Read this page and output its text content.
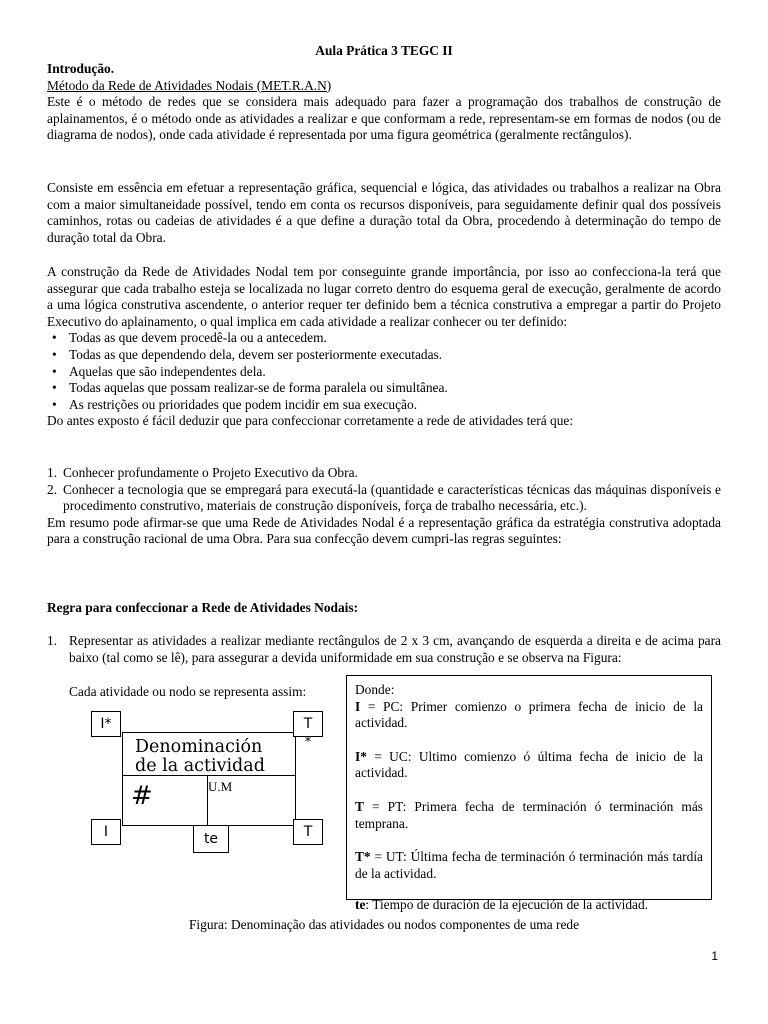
Aula Prática 3 TEGC II
Introdução.
Método da Rede de Atividades Nodais (MET.R.A.N)
Este é o método de redes que se considera mais adequado para fazer a programação dos trabalhos de construção de aplainamentos, é o método onde as atividades a realizar e que conformam a rede, representam-se em formas de nodos (ou de diagrama de nodos), onde cada atividade é representada por uma figura geométrica (geralmente rectângulos).
Consiste em essência em efetuar a representação gráfica, sequencial e lógica, das atividades ou trabalhos a realizar na Obra com a maior simultaneidade possível, tendo em conta os recursos disponíveis, para seguidamente definir qual dos possíveis caminhos, rotas ou cadeias de atividades é a que define a duração total da Obra, procedendo à determinação do tempo de duração total da Obra.
A construção da Rede de Atividades Nodal tem por conseguinte grande importância, por isso ao confecciona-la terá que assegurar que cada trabalho esteja se localizada no lugar correto dentro do esquema geral de execução, geralmente de acordo a uma lógica construtiva ascendente, o anterior requer ter definido bem a técnica construtiva a empregar a partir do Projeto Executivo do aplainamento, o qual implica em cada atividade a realizar conhecer ou ter definido:
• Todas as que devem procedê-la ou a antecedem.
• Todas as que dependendo dela, devem ser posteriormente executadas.
• Aquelas que são independentes dela.
• Todas aquelas que possam realizar-se de forma paralela ou simultânea.
• As restrições ou prioridades que podem incidir em sua execução.
Do antes exposto é fácil deduzir que para confeccionar corretamente a rede de atividades terá que:
1. Conhecer profundamente o Projeto Executivo da Obra.
2. Conhecer a tecnologia que se empregará para executá-la (quantidade e características técnicas das máquinas disponíveis e procedimento construtivo, materiais de construção disponíveis, força de trabalho necessária, etc.).
Em resumo pode afirmar-se que uma Rede de Atividades Nodal é a representação gráfica da estratégia construtiva adoptada para a construção racional de uma Obra. Para sua confecção devem cumpri-las regras seguintes:
Regra para confeccionar a Rede de Atividades Nodais:
1. Representar as atividades a realizar mediante rectângulos de 2 x 3 cm, avançando de esquerda a direita e de acima para baixo (tal como se lê), para assegurar a devida uniformidade em sua construção e se observa na Figura:
Cada atividade ou nodo se representa assim:
I*	T
*
Denominación
de la actividad
#	U.M
I	te	T

Donde:

I = PC: Primer comienzo o primera fecha de inicio de la actividad.

I* = UC: Ultimo comienzo ó última fecha de inicio de la actividad.

T = PT: Primera fecha de terminación ó terminación más temprana.

T* = UT: Última fecha de terminación ó terminación más tardía de la actividad.

te: Tiempo de duración de la ejecución de la actividad.
Figura: Denominação das atividades ou nodos componentes de uma rede
1
